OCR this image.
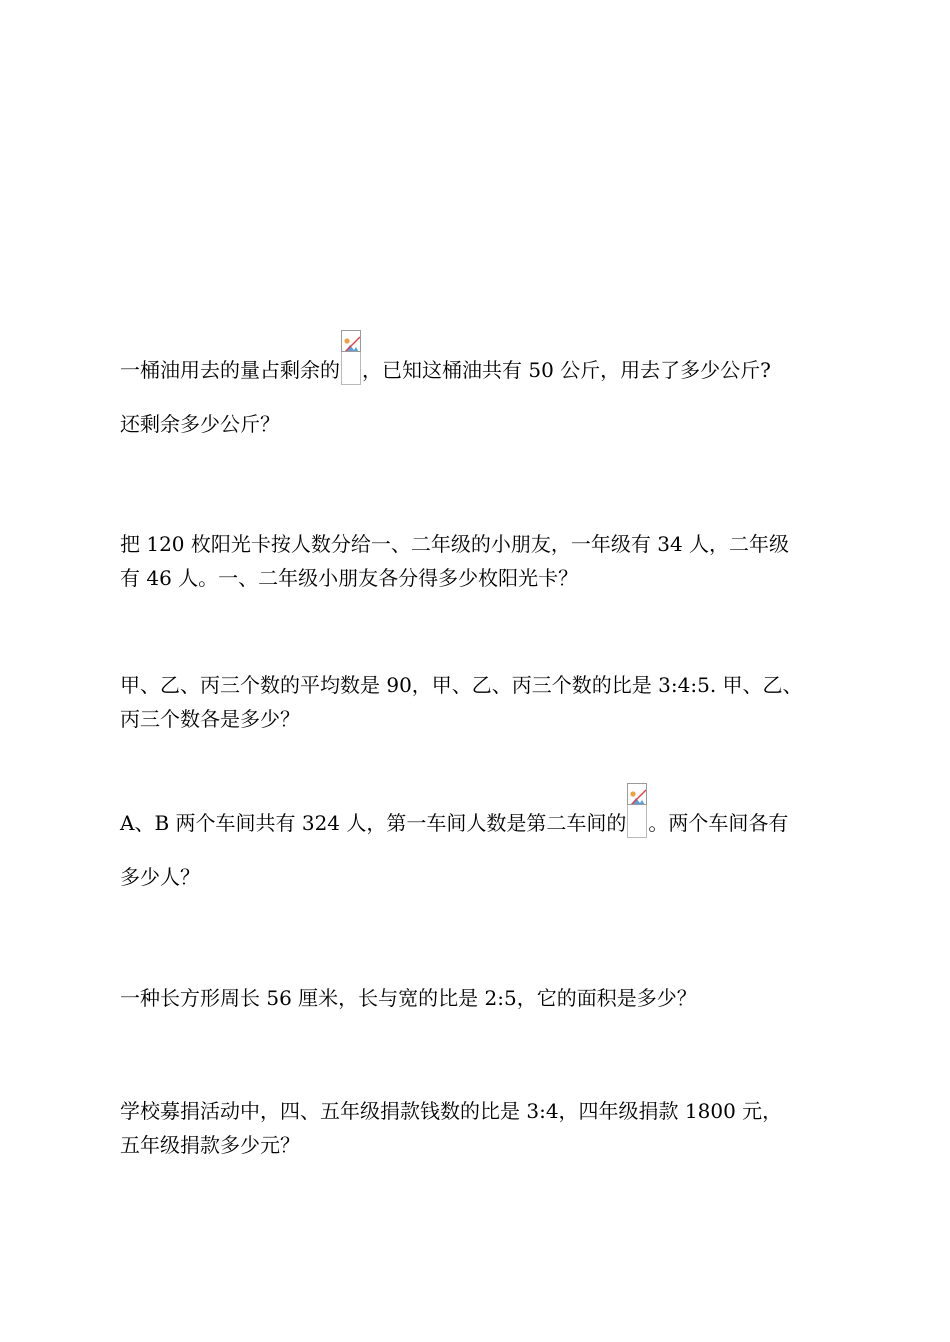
一桶油用去的量占剩余的 ，已知这桶油共有 50 公斤，用去了多少公斤?
还剩余多少公斤？
把 120 枚阳光卡按人数分给一、二年级的小朋友，一年级有 34 人，二年级
有 46 人。一、二年级小朋友各分得多少枚阳光卡？
甲、乙、丙三个数的平均数是 90，甲、乙、丙三个数的比是 3:4:5. 甲、乙、
丙三个数各是多少？
A、B 两个车间共有 324 人，第一车间人数是第二车间的 。两个车间各有
多少人？
一种长方形周长 56 厘米，长与宽的比是 2:5，它的面积是多少？
学校募捐活动中，四、五年级捐款钱数的比是 3:4，四年级捐款 1800 元，
五年级捐款多少元？
